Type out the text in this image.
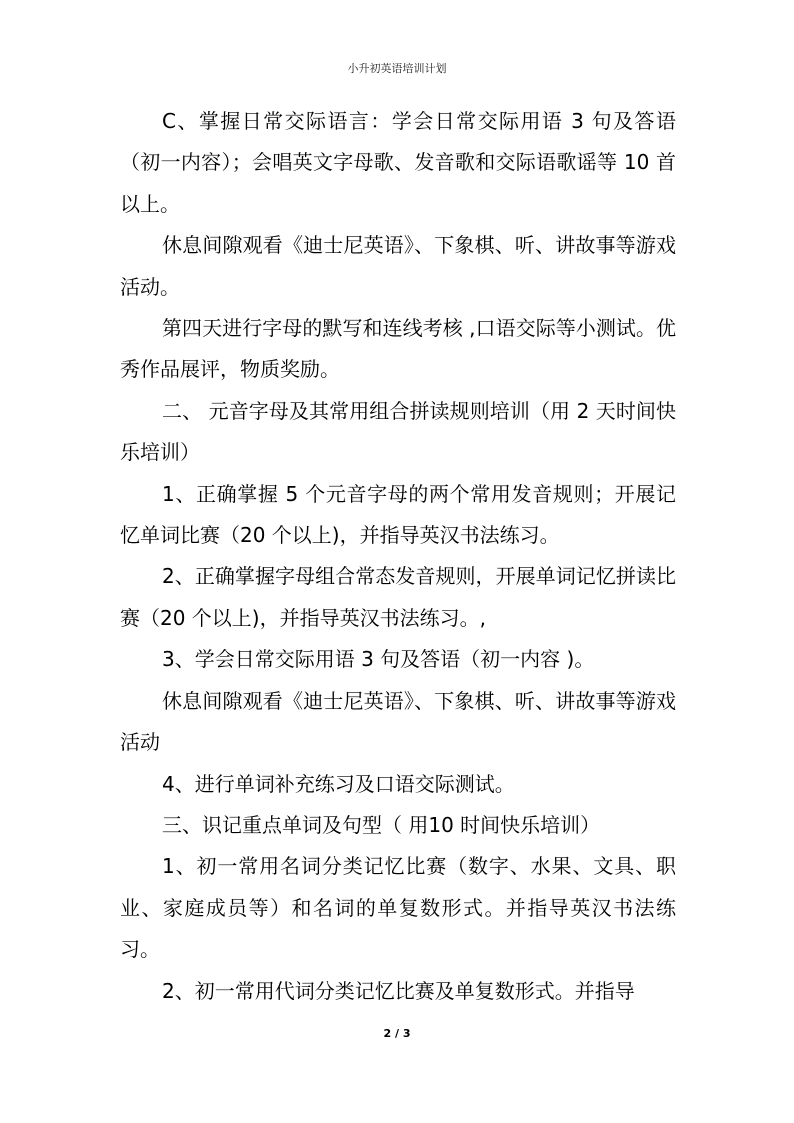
小升初英语培训计划

C、掌握日常交际语言：学会日常交际用语 3 句及答语（初一内容）；会唱英文字母歌、发音歌和交际语歌谣等 10 首以上。

休息间隙观看《迪士尼英语》、下象棋、听、讲故事等游戏活动。

第四天进行字母的默写和连线考核 ,口语交际等小测试。优秀作品展评，物质奖励。

二、 元音字母及其常用组合拼读规则培训（用 2 天时间快乐培训）

1、正确掌握 5 个元音字母的两个常用发音规则；开展记忆单词比赛（20 个以上)，并指导英汉书法练习。

2、正确掌握字母组合常态发音规则，开展单词记忆拼读比赛（20 个以上)，并指导英汉书法练习。,

3、学会日常交际用语 3 句及答语（初一内容 )。

休息间隙观看《迪士尼英语》、下象棋、听、讲故事等游戏活动

4、进行单词补充练习及口语交际测试。

三、识记重点单词及句型（ 用10 时间快乐培训）

1、初一常用名词分类记忆比赛（数字、水果、文具、职业、家庭成员等）和名词的单复数形式。并指导英汉书法练习。

2、初一常用代词分类记忆比赛及单复数形式。并指导

2 / 3
